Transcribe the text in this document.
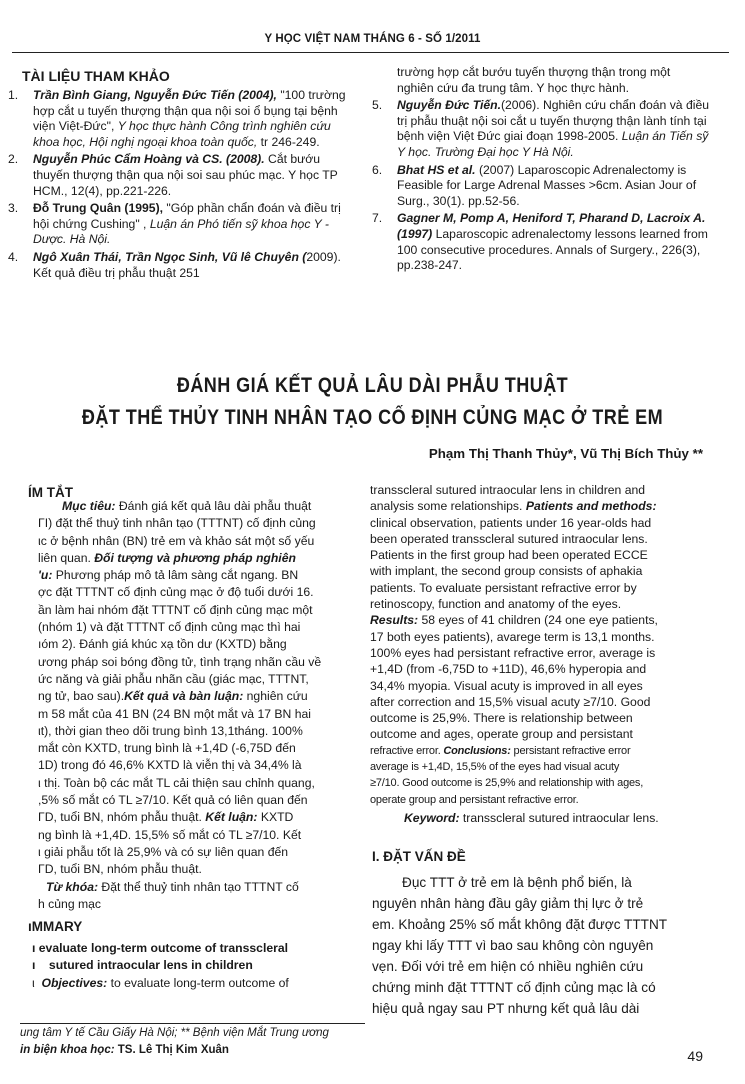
Y HỌC VIỆT NAM THÁNG 6 - SỐ 1/2011
TÀI LIỆU THAM KHẢO
1. Trần Bình Giang, Nguyễn Đức Tiến (2004), "100 trường hợp cắt u tuyến thượng thận qua nội soi ổ bụng tại bệnh viện Việt-Đức", Y học thực hành Công trình nghiên cứu khoa học, Hội nghị ngoại khoa toàn quốc, tr 246-249.
2. Nguyễn Phúc Cẩm Hoàng và CS. (2008). Cắt bướu thuyến thượng thận qua nội soi sau phúc mạc. Y học TP HCM., 12(4), pp.221-226.
3. Đỗ Trung Quân (1995), "Góp phần chẩn đoán và điều trị hội chứng Cushing" , Luận án Phó tiến sỹ khoa học Y - Dược. Hà Nội.
4. Ngô Xuân Thái, Trần Ngọc Sinh, Vũ lê Chuyên (2009). Kết quả điều trị phẫu thuật 251
trường hợp cắt bướu tuyến thượng thận trong một nghiên cứu đa trung tâm. Y học thực hành.
5. Nguyễn Đức Tiến.(2006). Nghiên cứu chẩn đoán và điều trị phẫu thuật nội soi cắt u tuyến thượng thận lành tính tại bệnh viện Việt Đức giai đoạn 1998-2005. Luận án Tiến sỹ Y học. Trường Đại học Y Hà Nội.
6. Bhat HS et al. (2007) Laparoscopic Adrenalectomy is Feasible for Large Adrenal Masses >6cm. Asian Jour of Surg., 30(1). pp.52-56.
7. Gagner M, Pomp A, Heniford T, Pharand D, Lacroix A. (1997) Laparoscopic adrenalectomy lessons learned from 100 consecutive procedures. Annals of Surgery., 226(3), pp.238-247.
ĐÁNH GIÁ KẾT QUẢ LÂU DÀI PHẪU THUẬT
ĐẶT THỂ THỦY TINH NHÂN TẠO CỐ ĐỊNH CỦNG MẠC Ở TRẺ EM
Phạm Thị Thanh Thủy*, Vũ Thị Bích Thủy **
ÍM TẮT
Mục tiêu: Đánh giá kết quả lâu dài phẫu thuật
ΓΙ) đặt thể thuỷ tinh nhân tạo (TTTNT) cố định củng
ιc ở bệnh nhân (BN) trẻ em và khảo sát một số yếu
liên quan. Đối tượng và phương pháp nghiên
'u: Phương pháp mô tả lâm sàng cắt ngang. BN
ợc đặt TTTNT cố định củng mạc ở độ tuổi dưới 16.
ần làm hai nhóm đặt TTTNT cố định củng mạc một
(nhóm 1) và đặt TTTNT cố định củng mạc thì hai
ıóm 2). Đánh giá khúc xạ tồn dư (KXTD) bằng
ương pháp soi bóng đồng tử, tình trạng nhãn cầu về
ức năng và giải phẫu nhãn cầu (giác mạc, TTTNT,
ng tử, bao sau).Kết quả và bàn luận: nghiên cứu
m 58 mắt của 41 BN (24 BN một mắt và 17 BN hai
ιt), thời gian theo dõi trung bình 13,1tháng. 100%
mắt còn KXTD, trung bình là +1,4D (-6,75D đến
1D) trong đó 46,6% KXTD là viễn thị và 34,4% là
ι thị. Toàn bộ các mắt TL cải thiện sau chỉnh quang,
,5% số mắt có TL ≥7/10. Kết quả có liên quan đến
ΓD, tuổi BN, nhóm phẫu thuật. Kết luận: KXTD
ng bình là +1,4D. 15,5% số mắt có TL ≥7/10. Kết
ι giải phẫu tốt là 25,9% và có sự liên quan đến
ΓD, tuổi BN, nhóm phẫu thuật.
Từ khóa: Đặt thể thuỷ tinh nhân tạo TTTNT cố
h củng mạc
ıMMARY
ı evaluate long-term outcome of transscleral
ı    sutured intraocular lens in children
ι Objectives: to evaluate long-term outcome of
transscleral sutured intraocular lens in children and
analysis some relationships. Patients and methods:
clinical observation, patients under 16 year-olds had
been operated transscleral sutured intraocular lens.
Patients in the first group had been operated ECCE
with implant, the second group consists of aphakia
patients. To evaluate persistant refractive error by
retinoscopy, function and anatomy of the eyes.
Results: 58 eyes of 41 children (24 one eye patients,
17 both eyes patients), avarege term is 13,1 months.
100% eyes had persistant refractive error, average is
+1,4D (from -6,75D to +11D), 46,6% hyperopia and
34,4% myopia. Visual acuty is improved in all eyes
after correction and 15,5% visual acuty ≥7/10. Good
outcome is 25,9%. There is relationship between
outcome and ages, operate group and persistant
refractive error. Conclusions: persistant refractive error
average is +1,4D, 15,5% of the eyes had visual acuty
≥7/10. Good outcome is 25,9% and relationship with ages,
operate group and persistant refractive error.
Keyword: transscleral sutured intraocular lens.
I. ĐẶT VẤN ĐỀ
Đục TTT ở trẻ em là bệnh phổ biến, là
nguyên nhân hàng đầu gây giảm thị lực ở trẻ
em. Khoảng 25% số mắt không đặt được TTTNT
ngay khi lấy TTT vì bao sau không còn nguyên
vẹn. Đối với trẻ em hiện có nhiều nghiên cứu
chứng minh đặt TTTNT cố định củng mạc là có
hiệu quả ngay sau PT nhưng kết quả lâu dài
ung tâm Y tế Cầu Giấy Hà Nội; ** Bệnh viện Mắt Trung ương
in biện khoa học: TS. Lê Thị Kim Xuân	49
